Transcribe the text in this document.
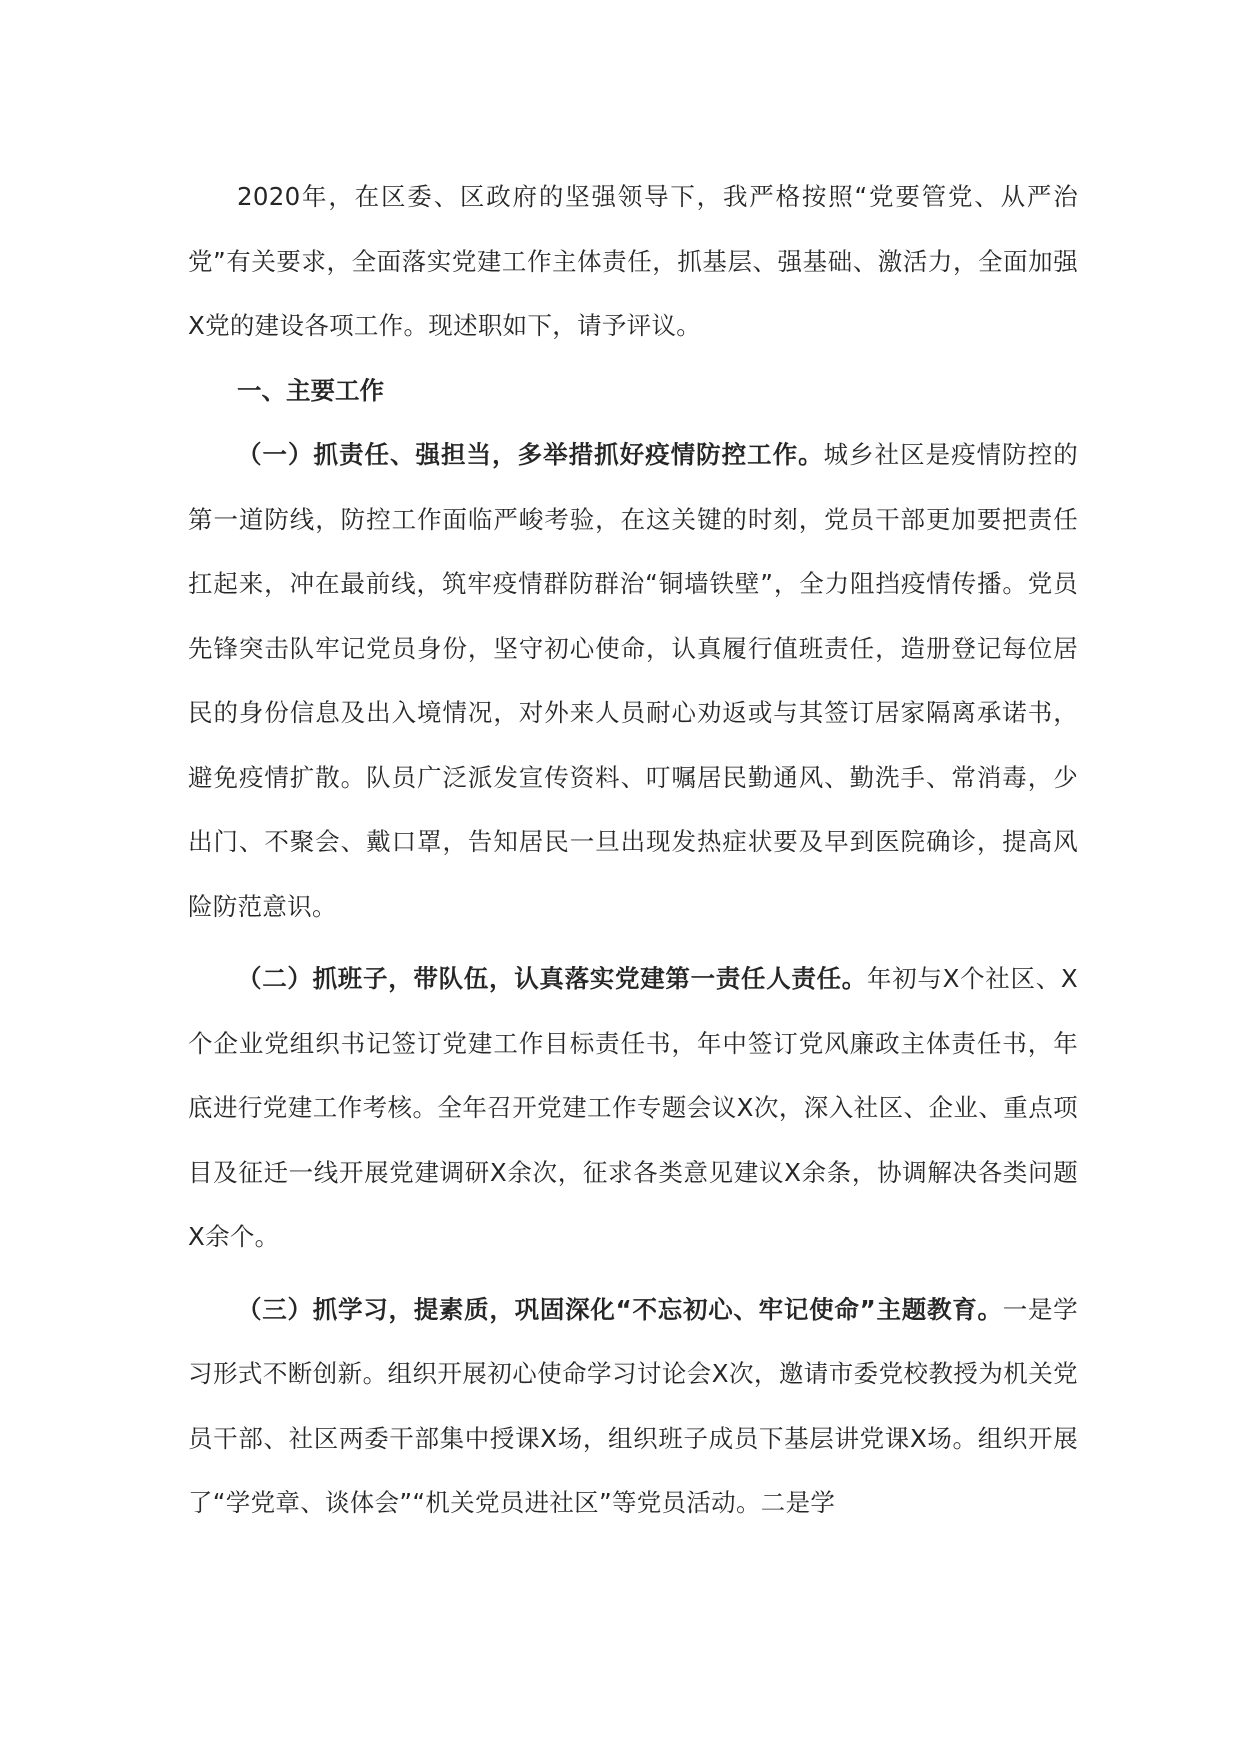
2020年，在区委、区政府的坚强领导下，我严格按照“党要管党、从严治党”有关要求，全面落实党建工作主体责任，抓基层、强基础、激活力，全面加强X党的建设各项工作。现述职如下，请予评议。

一、主要工作

（一）抓责任、强担当，多举措抓好疫情防控工作。城乡社区是疫情防控的第一道防线，防控工作面临严峻考验，在这关键的时刻，党员干部更加要把责任扛起来，冲在最前线，筑牢疫情群防群治“铜墙铁壁”，全力阻挡疫情传播。党员先锋突击队牢记党员身份，坚守初心使命，认真履行值班责任，造册登记每位居民的身份信息及出入境情况，对外来人员耐心劝返或与其签订居家隔离承诺书，避免疫情扩散。队员广泛派发宣传资料、叮嘱居民勤通风、勤洗手、常消毒，少出门、不聚会、戴口罩，告知居民一旦出现发热症状要及早到医院确诊，提高风险防范意识。

（二）抓班子，带队伍，认真落实党建第一责任人责任。年初与X个社区、X个企业党组织书记签订党建工作目标责任书，年中签订党风廉政主体责任书，年底进行党建工作考核。全年召开党建工作专题会议X次，深入社区、企业、重点项目及征迁一线开展党建调研X余次，征求各类意见建议X余条，协调解决各类问题X余个。

（三）抓学习，提素质，巩固深化“不忘初心、牢记使命”主题教育。一是学习形式不断创新。组织开展初心使命学习讨论会X次，邀请市委党校教授为机关党员干部、社区两委干部集中授课X场，组织班子成员下基层讲党课X场。组织开展了“学党章、谈体会”“机关党员进社区”等党员活动。二是学
